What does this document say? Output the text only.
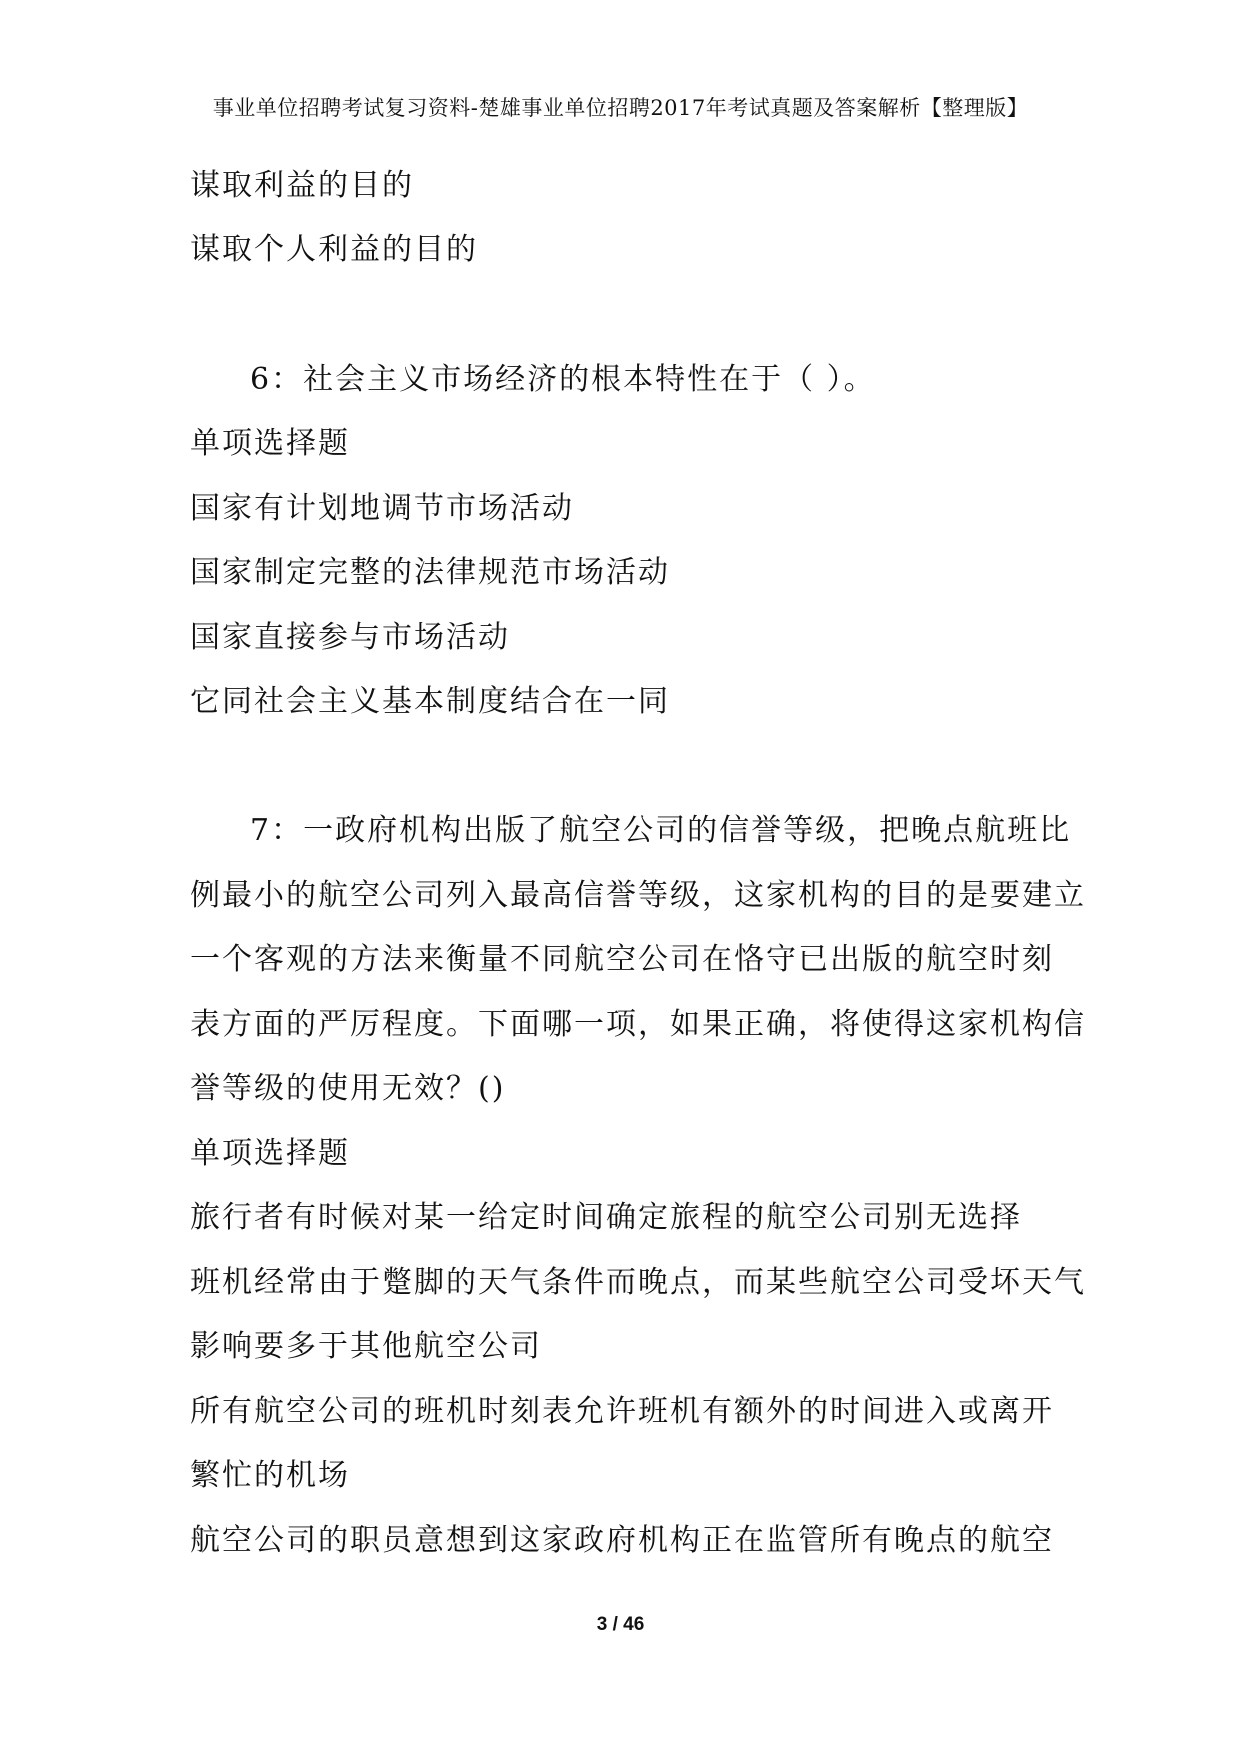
事业单位招聘考试复习资料-楚雄事业单位招聘2017年考试真题及答案解析【整理版】
谋取利益的目的
谋取个人利益的目的
6：社会主义市场经济的根本特性在于（ ）。
单项选择题
国家有计划地调节市场活动
国家制定完整的法律规范市场活动
国家直接参与市场活动
它同社会主义基本制度结合在一同
7：一政府机构出版了航空公司的信誉等级，把晚点航班比
例最小的航空公司列入最高信誉等级，这家机构的目的是要建立
一个客观的方法来衡量不同航空公司在恪守已出版的航空时刻
表方面的严厉程度。下面哪一项，如果正确，将使得这家机构信
誉等级的使用无效？()
单项选择题
旅行者有时候对某一给定时间确定旅程的航空公司别无选择
班机经常由于蹩脚的天气条件而晚点，而某些航空公司受坏天气
影响要多于其他航空公司
所有航空公司的班机时刻表允许班机有额外的时间进入或离开
繁忙的机场
航空公司的职员意想到这家政府机构正在监管所有晚点的航空
3 / 46
